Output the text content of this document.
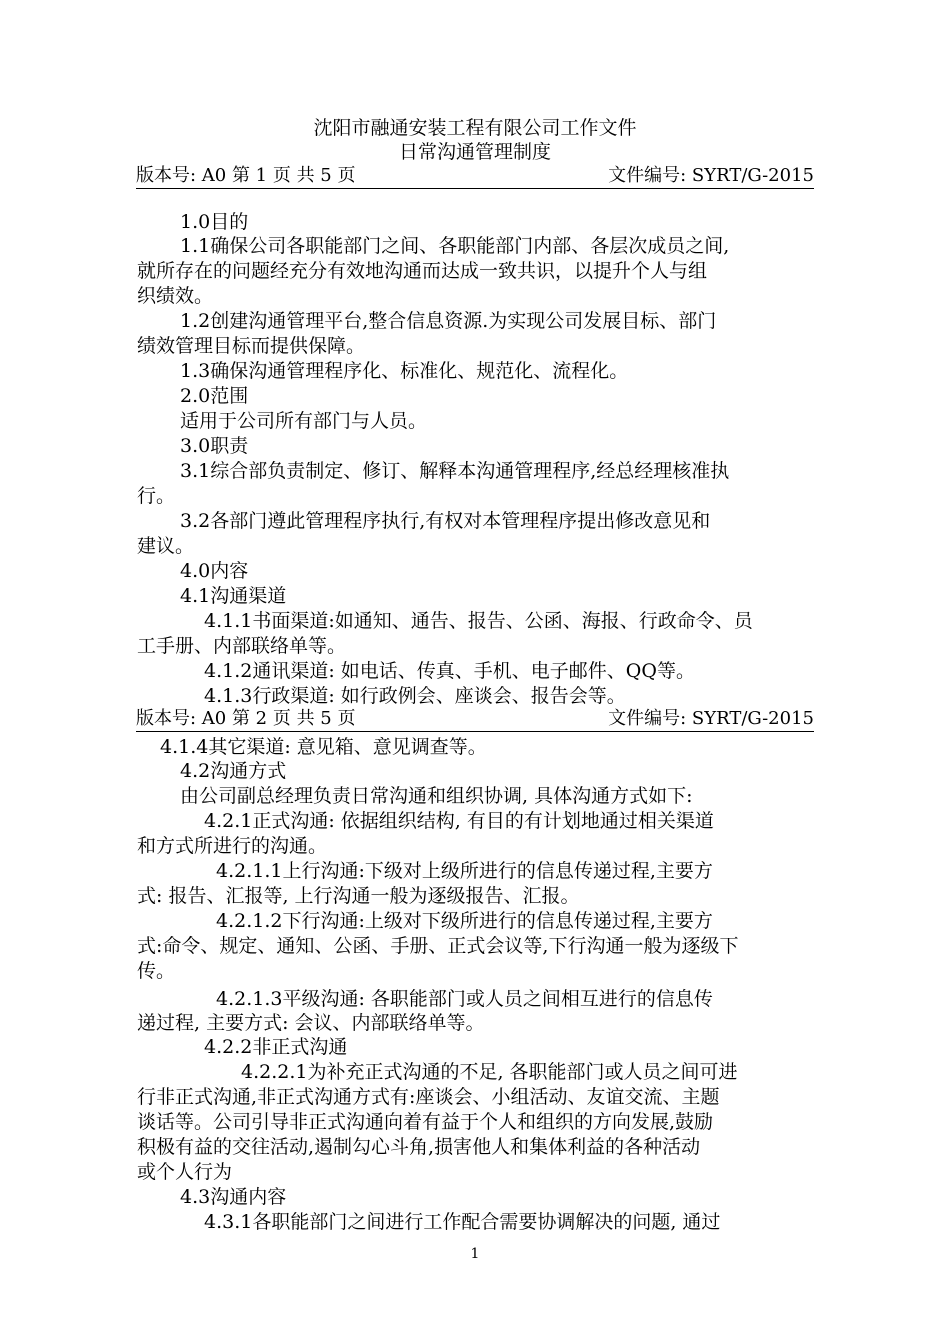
沈阳市融通安装工程有限公司工作文件
日常沟通管理制度
版本号: A0 第 1 页 共 5 页	文件编号: SYRT/G-2015
1.0目的
1.1确保公司各职能部门之间、各职能部门内部、各层次成员之间,
就所存在的问题经充分有效地沟通而达成一致共识，以提升个人与组
织绩效。
1.2创建沟通管理平台,整合信息资源.为实现公司发展目标、部门
绩效管理目标而提供保障。
1.3确保沟通管理程序化、标准化、规范化、流程化。
2.0范围
适用于公司所有部门与人员。
3.0职责
3.1综合部负责制定、修订、解释本沟通管理程序,经总经理核准执
行。
3.2各部门遵此管理程序执行,有权对本管理程序提出修改意见和
建议。
4.0内容
4.1沟通渠道
4.1.1书面渠道:如通知、通告、报告、公函、海报、行政命令、员
工手册、内部联络单等。
4.1.2通讯渠道: 如电话、传真、手机、电子邮件、QQ等。
4.1.3行政渠道: 如行政例会、座谈会、报告会等。
版本号: A0 第 2 页 共 5 页	文件编号: SYRT/G-2015
4.1.4其它渠道: 意见箱、意见调查等。
4.2沟通方式
由公司副总经理负责日常沟通和组织协调, 具体沟通方式如下:
4.2.1正式沟通: 依据组织结构, 有目的有计划地通过相关渠道
和方式所进行的沟通。
4.2.1.1上行沟通:下级对上级所进行的信息传递过程,主要方
式: 报告、汇报等, 上行沟通一般为逐级报告、汇报。
4.2.1.2下行沟通:上级对下级所进行的信息传递过程,主要方
式:命令、规定、通知、公函、手册、正式会议等,下行沟通一般为逐级下
传。
4.2.1.3平级沟通: 各职能部门或人员之间相互进行的信息传
递过程, 主要方式: 会议、内部联络单等。
4.2.2非正式沟通
4.2.2.1为补充正式沟通的不足, 各职能部门或人员之间可进
行非正式沟通,非正式沟通方式有:座谈会、小组活动、友谊交流、主题
谈话等。公司引导非正式沟通向着有益于个人和组织的方向发展,鼓励
积极有益的交往活动,遏制勾心斗角,损害他人和集体利益的各种活动
或个人行为
4.3沟通内容
4.3.1各职能部门之间进行工作配合需要协调解决的问题, 通过
1
